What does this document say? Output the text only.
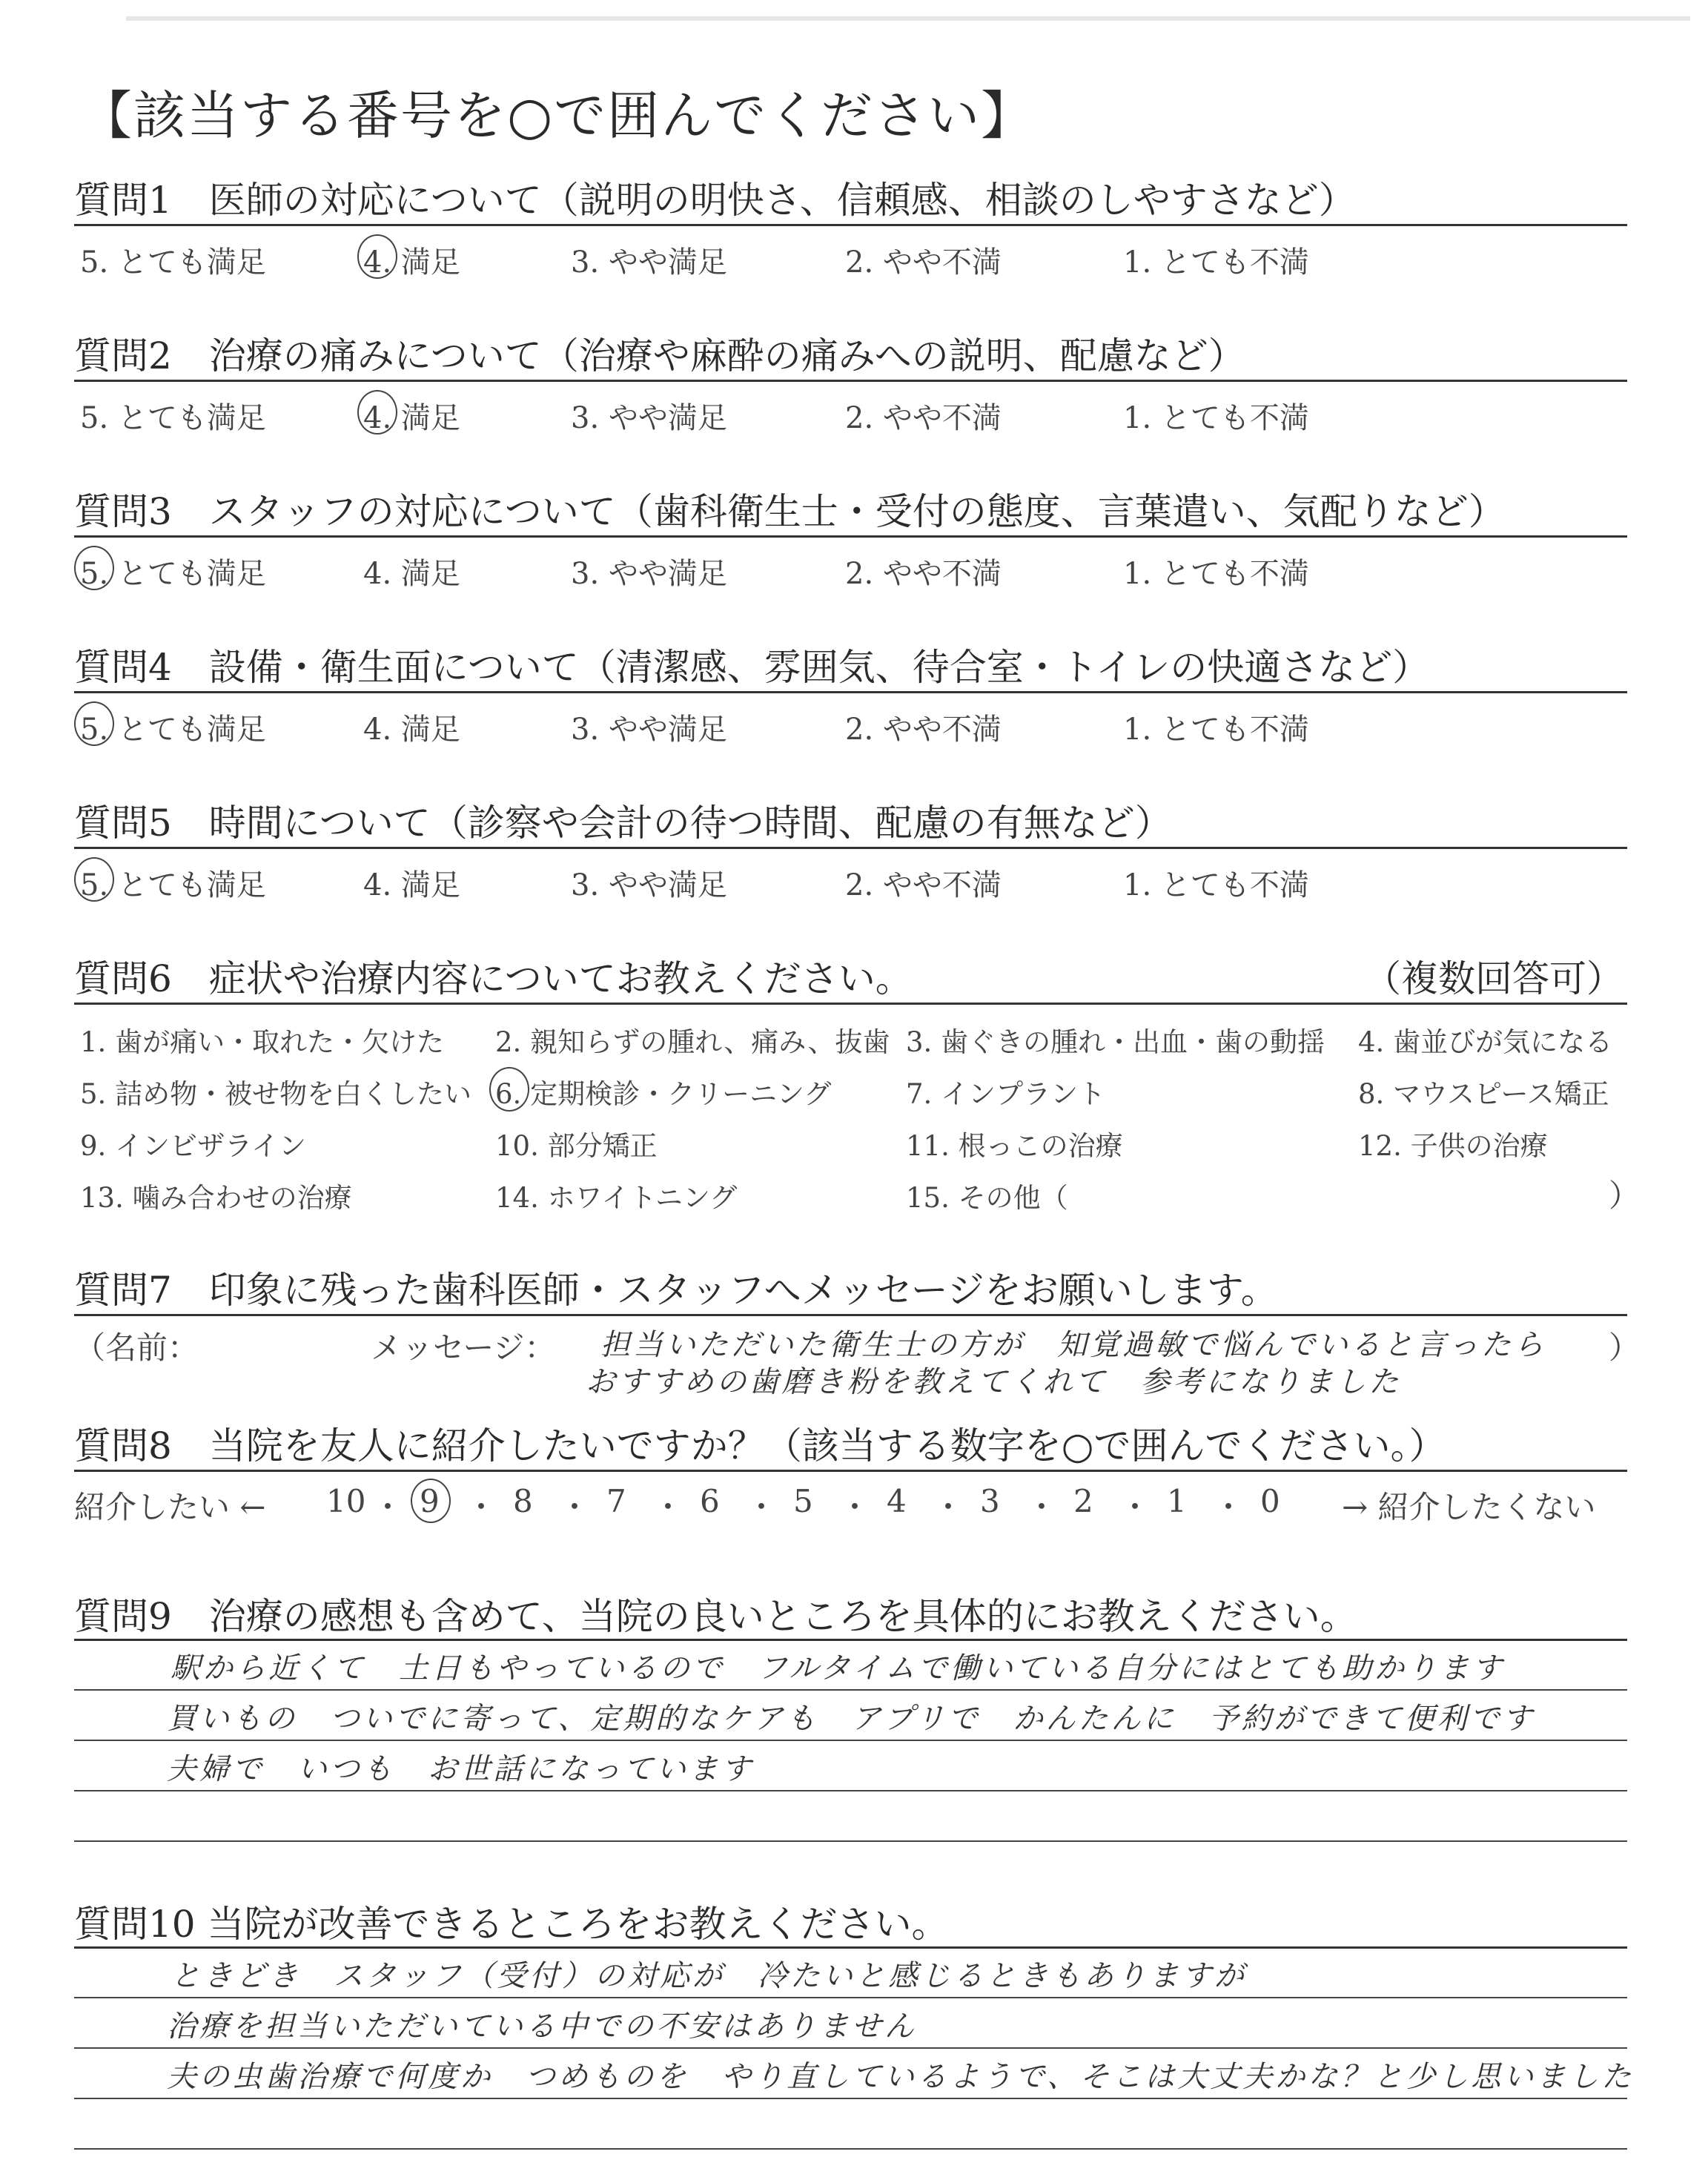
【該当する番号を○で囲んでください】
質問1　医師の対応について（説明の明快さ、信頼感、相談のしやすさなど）
5. とても満足	4. 満足	3. やや満足	2. やや不満	1. とても不満
質問2　治療の痛みについて（治療や麻酔の痛みへの説明、配慮など）
5. とても満足	4. 満足	3. やや満足	2. やや不満	1. とても不満
質問3　スタッフの対応について（歯科衛生士・受付の態度、言葉遣い、気配りなど）
5. とても満足	4. 満足	3. やや満足	2. やや不満	1. とても不満
質問4　設備・衛生面について（清潔感、雰囲気、待合室・トイレの快適さなど）
5. とても満足	4. 満足	3. やや満足	2. やや不満	1. とても不満
質問5　時間について（診察や会計の待つ時間、配慮の有無など）
5. とても満足	4. 満足	3. やや満足	2. やや不満	1. とても不満
質問6　症状や治療内容についてお教えください。	（複数回答可）
1. 歯が痛い・取れた・欠けた 2. 親知らずの腫れ、痛み、抜歯 3. 歯ぐきの腫れ・出血・歯の動揺 4. 歯並びが気になる
5. 詰め物・被せ物を白くしたい 6. 定期検診・クリーニング	7. インプラント	8. マウスピース矯正
9. インビザライン	10. 部分矯正	11. 根っこの治療	12. 子供の治療
13. 噛み合わせの治療	14. ホワイトニング	15. その他（	）
質問7　印象に残った歯科医師・スタッフへメッセージをお願いします。
（名前：	メッセージ： 担当いただいた衛生士の方が　知覚過敏で悩んでいると言ったら
おすすめの歯磨き粉を教えてくれて　参考になりました
）
質問8　当院を友人に紹介したいですか？（該当する数字を○で囲んでください。）
紹介したい ←	→ 紹介したくない
10 ・ 9 ・ 8 ・ 7 ・ 6 ・ 5 ・ 4 ・ 3 ・ 2 ・ 1 ・ 0
質問9　治療の感想も含めて、当院の良いところを具体的にお教えください。
駅から近くて　土日もやっているので　フルタイムで働いている自分にはとても助かります
買いもの　ついでに寄って、定期的なケアも　アプリで　かんたんに　予約ができて便利です
夫婦で　いつも　お世話になっています
質問10 当院が改善できるところをお教えください。
ときどき　スタッフ（受付）の対応が　冷たいと感じるときもありますが
治療を担当いただいている中での不安はありません
夫の虫歯治療で何度か　つめものを　やり直しているようで、そこは大丈夫かな？と少し思いました
